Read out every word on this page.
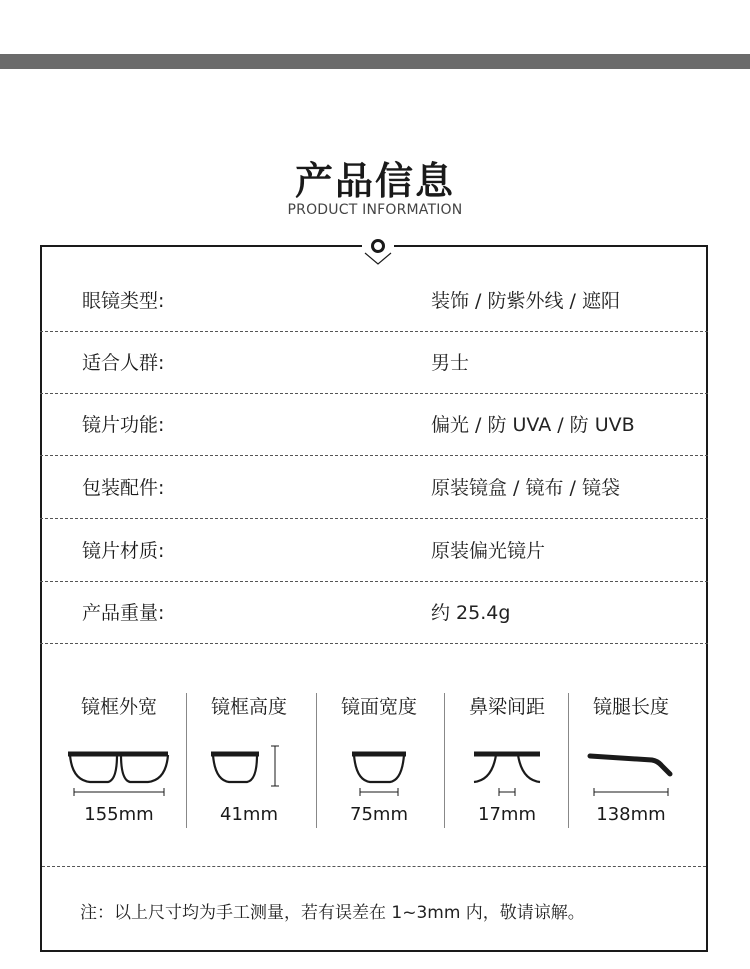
产品信息
PRODUCT INFORMATION
眼镜类型:	装饰 / 防紫外线 / 遮阳
适合人群:	男士
镜片功能:	偏光 / 防 UVA / 防 UVB
包装配件:	原装镜盒 / 镜布 / 镜袋
镜片材质:	原装偏光镜片
产品重量:	约 25.4g
镜框外宽
155mm
镜框高度
41mm
镜面宽度
75mm
鼻梁间距
17mm
镜腿长度
138mm
注：以上尺寸均为手工测量，若有误差在 1~3mm 内，敬请谅解。
